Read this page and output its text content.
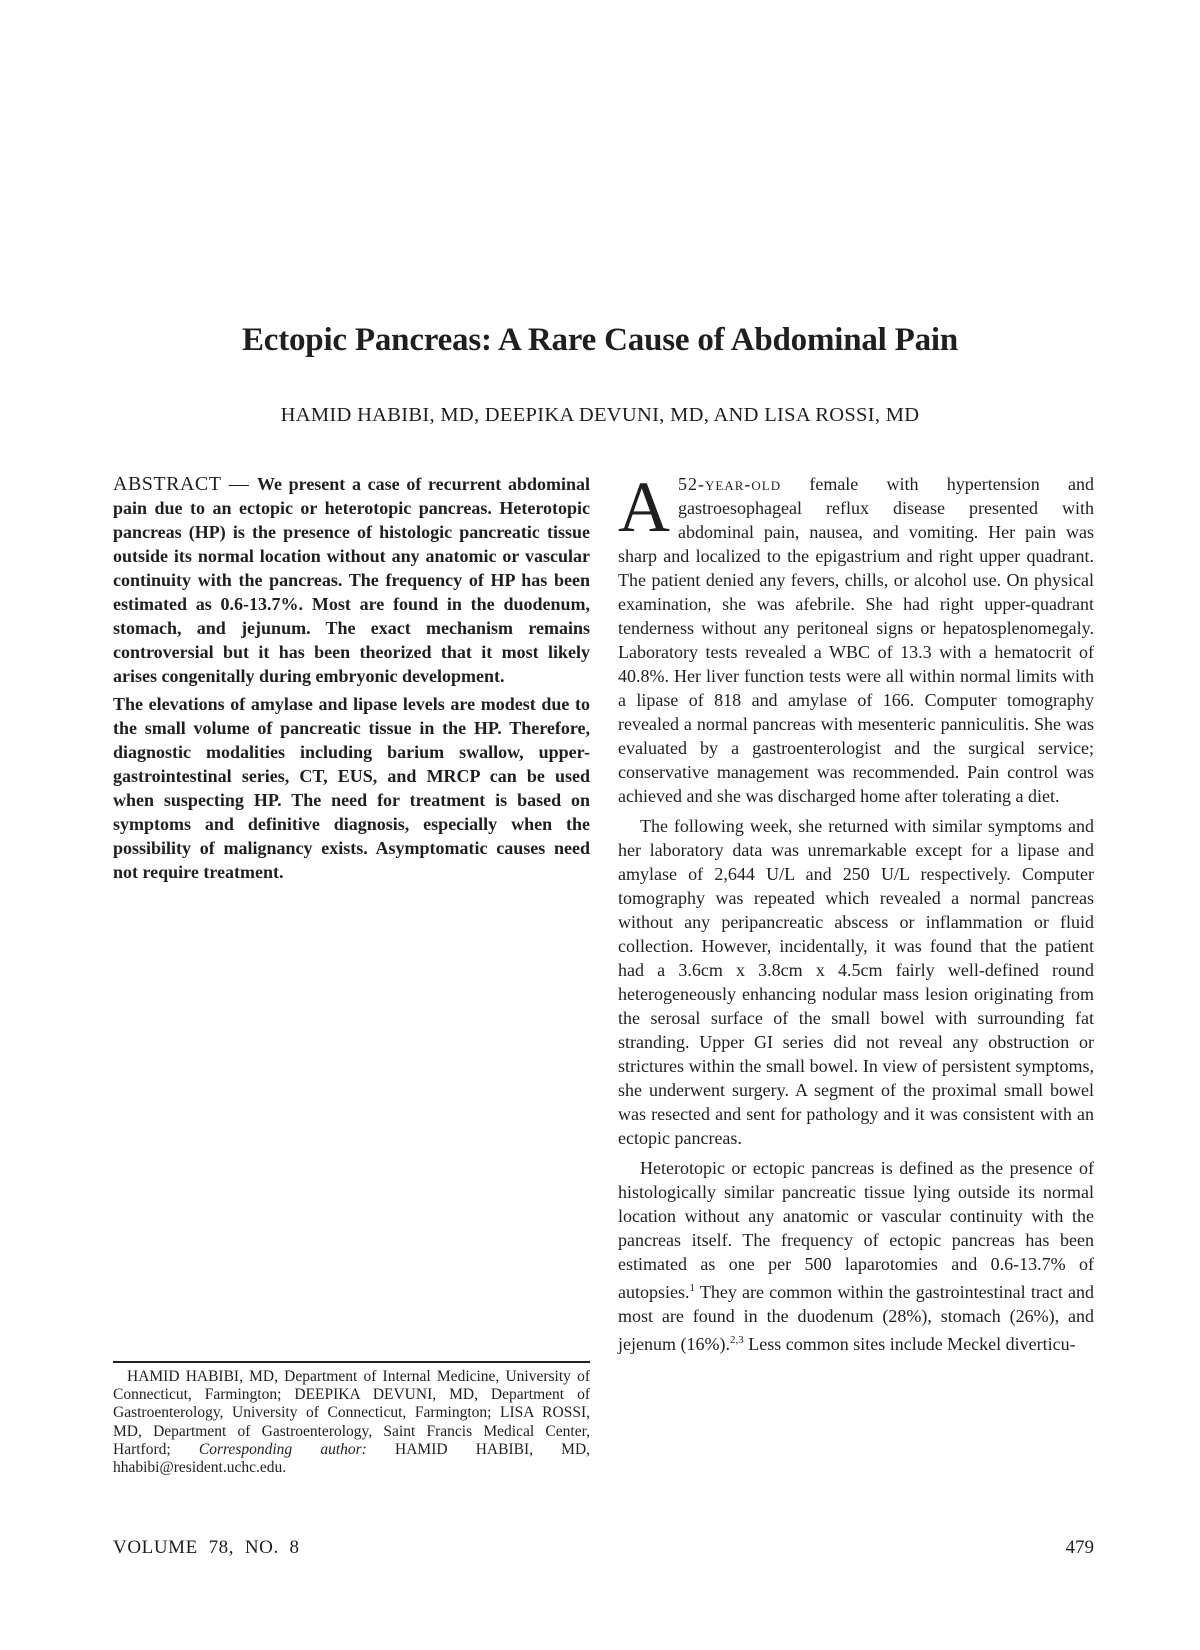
Ectopic Pancreas: A Rare Cause of Abdominal Pain
HAMID HABIBI, MD, DEEPIKA DEVUNI, MD, AND LISA ROSSI, MD

ABSTRACT — We present a case of recurrent abdominal pain due to an ectopic or heterotopic pancreas. Heterotopic pancreas (HP) is the presence of histologic pancreatic tissue outside its normal location without any anatomic or vascular continuity with the pancreas. The frequency of HP has been estimated as 0.6-13.7%. Most are found in the duodenum, stomach, and jejunum. The exact mechanism remains controversial but it has been theorized that it most likely arises congenitally during embryonic development.

The elevations of amylase and lipase levels are modest due to the small volume of pancreatic tissue in the HP. Therefore, diagnostic modalities including barium swallow, upper-gastrointestinal series, CT, EUS, and MRCP can be used when suspecting HP. The need for treatment is based on symptoms and definitive diagnosis, especially when the possibility of malignancy exists. Asymptomatic causes need not require treatment.

HAMID HABIBI, MD, Department of Internal Medicine, University of Connecticut, Farmington; DEEPIKA DEVUNI, MD, Department of Gastroenterology, University of Connecticut, Farmington; LISA ROSSI, MD, Department of Gastroenterology, Saint Francis Medical Center, Hartford; Corresponding author: HAMID HABIBI, MD, hhabibi@resident.uchc.edu.

A 52-year-old female with hypertension and gastroesophageal reflux disease presented with abdominal pain, nausea, and vomiting. Her pain was sharp and localized to the epigastrium and right upper quadrant. The patient denied any fevers, chills, or alcohol use. On physical examination, she was afebrile. She had right upper-quadrant tenderness without any peritoneal signs or hepatosplenomegaly. Laboratory tests revealed a WBC of 13.3 with a hematocrit of 40.8%. Her liver function tests were all within normal limits with a lipase of 818 and amylase of 166. Computer tomography revealed a normal pancreas with mesenteric panniculitis. She was evaluated by a gastroenterologist and the surgical service; conservative management was recommended. Pain control was achieved and she was discharged home after tolerating a diet.

The following week, she returned with similar symptoms and her laboratory data was unremarkable except for a lipase and amylase of 2,644 U/L and 250 U/L respectively. Computer tomography was repeated which revealed a normal pancreas without any peripancreatic abscess or inflammation or fluid collection. However, incidentally, it was found that the patient had a 3.6cm x 3.8cm x 4.5cm fairly well-defined round heterogeneously enhancing nodular mass lesion originating from the serosal surface of the small bowel with surrounding fat stranding. Upper GI series did not reveal any obstruction or strictures within the small bowel. In view of persistent symptoms, she underwent surgery. A segment of the proximal small bowel was resected and sent for pathology and it was consistent with an ectopic pancreas.

Heterotopic or ectopic pancreas is defined as the presence of histologically similar pancreatic tissue lying outside its normal location without any anatomic or vascular continuity with the pancreas itself. The frequency of ectopic pancreas has been estimated as one per 500 laparotomies and 0.6-13.7% of autopsies.$^1$ They are common within the gastrointestinal tract and most are found in the duodenum (28%), stomach (26%), and jejenum (16%).$^{2,3}$ Less common sites include Meckel diverticu-

VOLUME  78,  NO.  8	479
